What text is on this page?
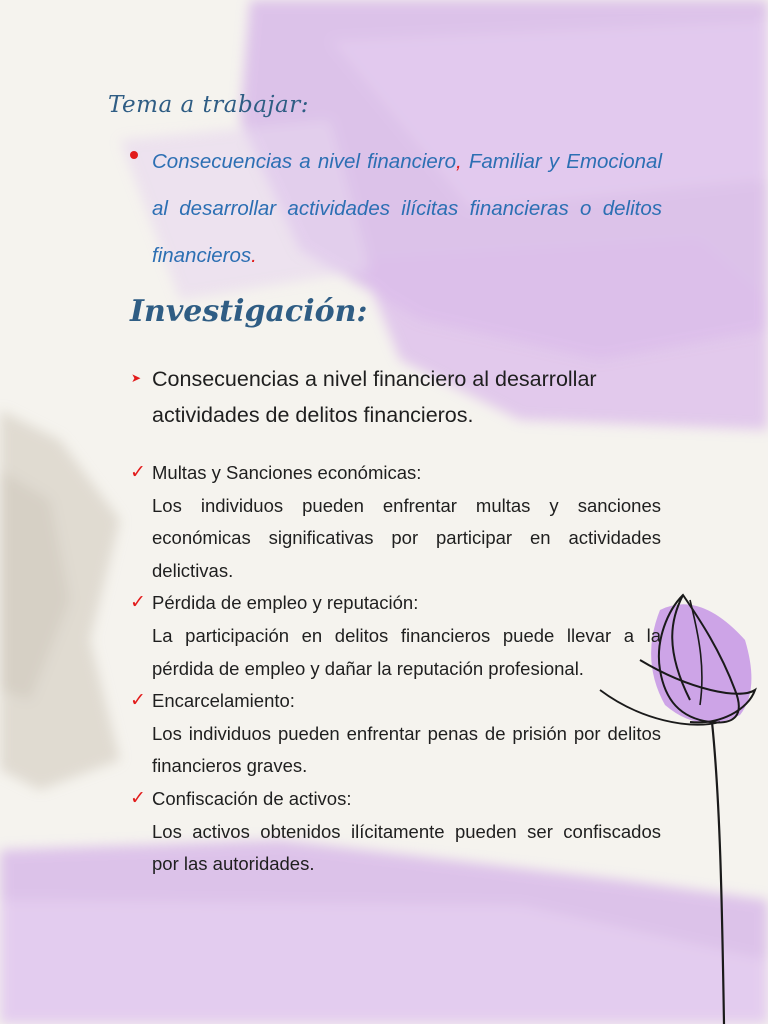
Tema a trabajar:

Consecuencias a nivel financiero, Familiar y Emocional al desarrollar actividades ilícitas financieras o delitos financieros.

Investigación:
➤ Consecuencias a nivel financiero al desarrollar actividades de delitos financieros.

✓ Multas y Sanciones económicas:

Los individuos pueden enfrentar multas y sanciones económicas significativas por participar en actividades delictivas.

✓ Pérdida de empleo y reputación:

La participación en delitos financieros puede llevar a la pérdida de empleo y dañar la reputación profesional.

✓ Encarcelamiento:

Los individuos pueden enfrentar penas de prisión por delitos financieros graves.

✓ Confiscación de activos:

Los activos obtenidos ilícitamente pueden ser confiscados por las autoridades.
